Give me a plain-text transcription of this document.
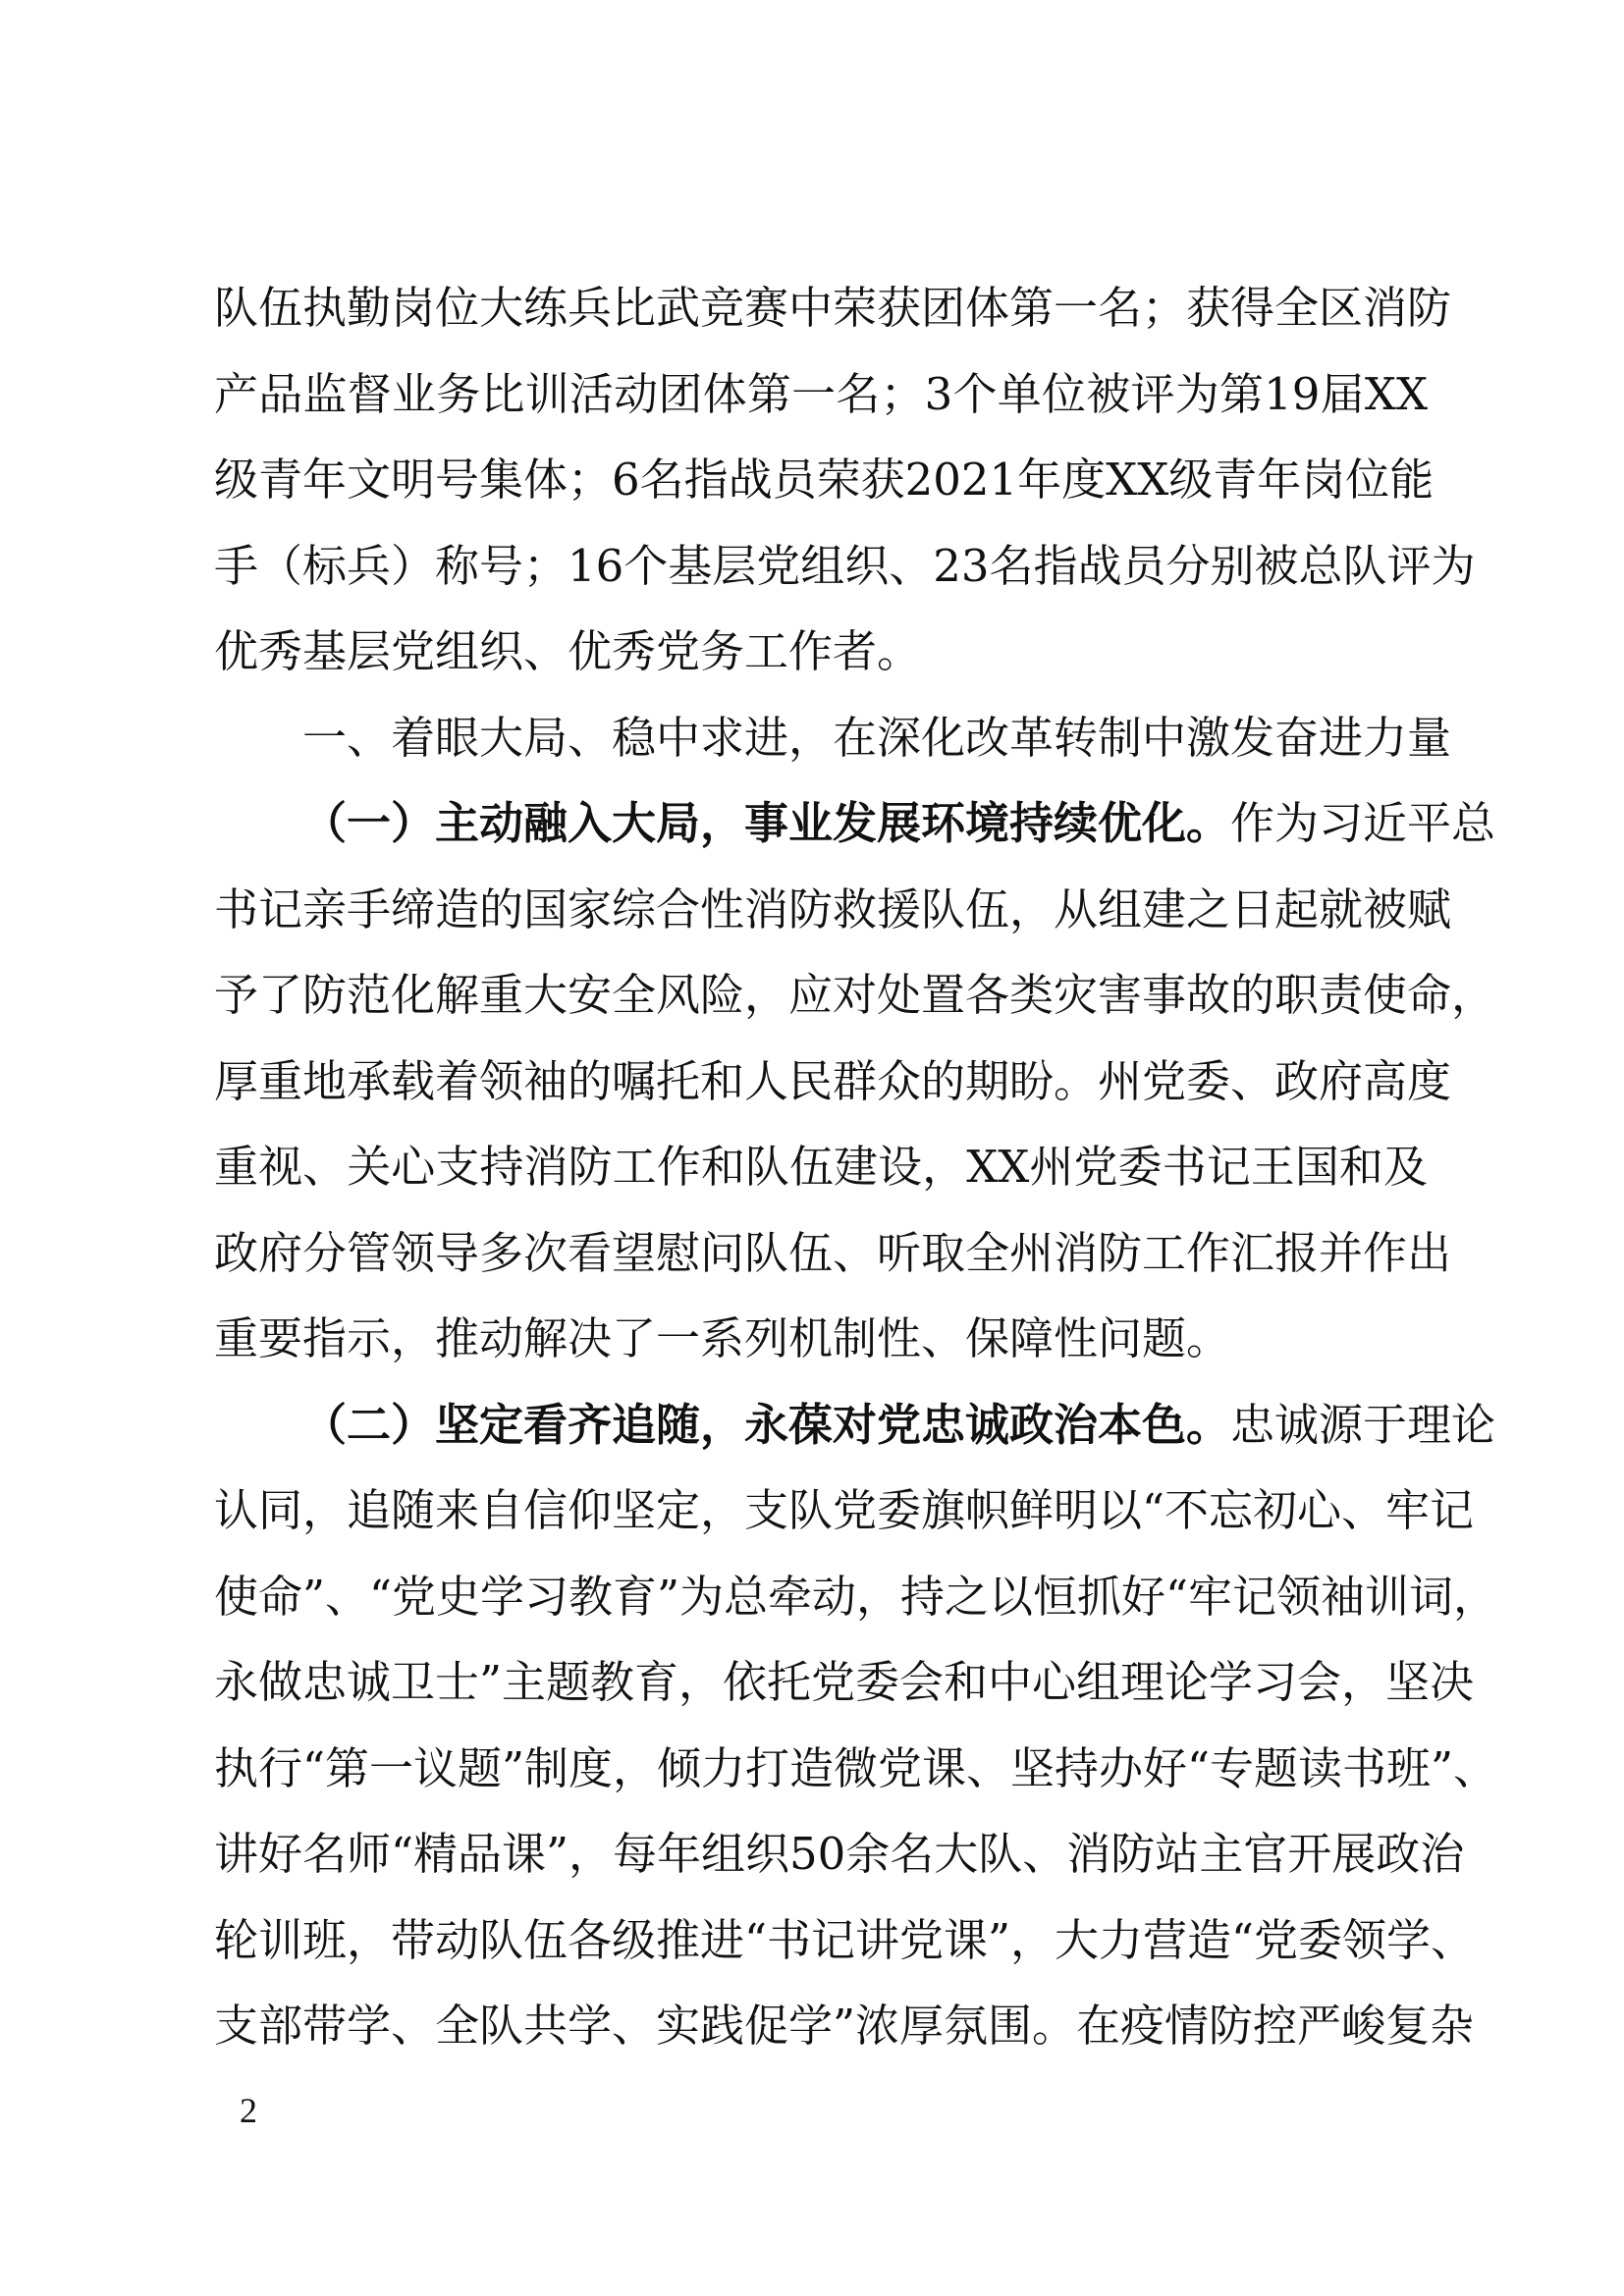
队伍执勤岗位大练兵比武竞赛中荣获团体第一名；获得全区消防
产品监督业务比训活动团体第一名；3个单位被评为第19届XX
级青年文明号集体；6名指战员荣获2021年度XX级青年岗位能
手（标兵）称号；16个基层党组织、23名指战员分别被总队评为
优秀基层党组织、优秀党务工作者。
一、着眼大局、稳中求进，在深化改革转制中激发奋进力量
（一）主动融入大局，事业发展环境持续优化。作为习近平总
书记亲手缔造的国家综合性消防救援队伍，从组建之日起就被赋
予了防范化解重大安全风险，应对处置各类灾害事故的职责使命，
厚重地承载着领袖的嘱托和人民群众的期盼。州党委、政府高度
重视、关心支持消防工作和队伍建设，XX州党委书记王国和及
政府分管领导多次看望慰问队伍、听取全州消防工作汇报并作出
重要指示，推动解决了一系列机制性、保障性问题。
（二）坚定看齐追随，永葆对党忠诚政治本色。忠诚源于理论
认同，追随来自信仰坚定，支队党委旗帜鲜明以“不忘初心、牢记
使命”、“党史学习教育”为总牵动，持之以恒抓好“牢记领袖训词，
永做忠诚卫士”主题教育，依托党委会和中心组理论学习会，坚决
执行“第一议题”制度，倾力打造微党课、坚持办好“专题读书班”、
讲好名师“精品课”，每年组织50余名大队、消防站主官开展政治
轮训班，带动队伍各级推进“书记讲党课”，大力营造“党委领学、
支部带学、全队共学、实践促学”浓厚氛围。在疫情防控严峻复杂
2
